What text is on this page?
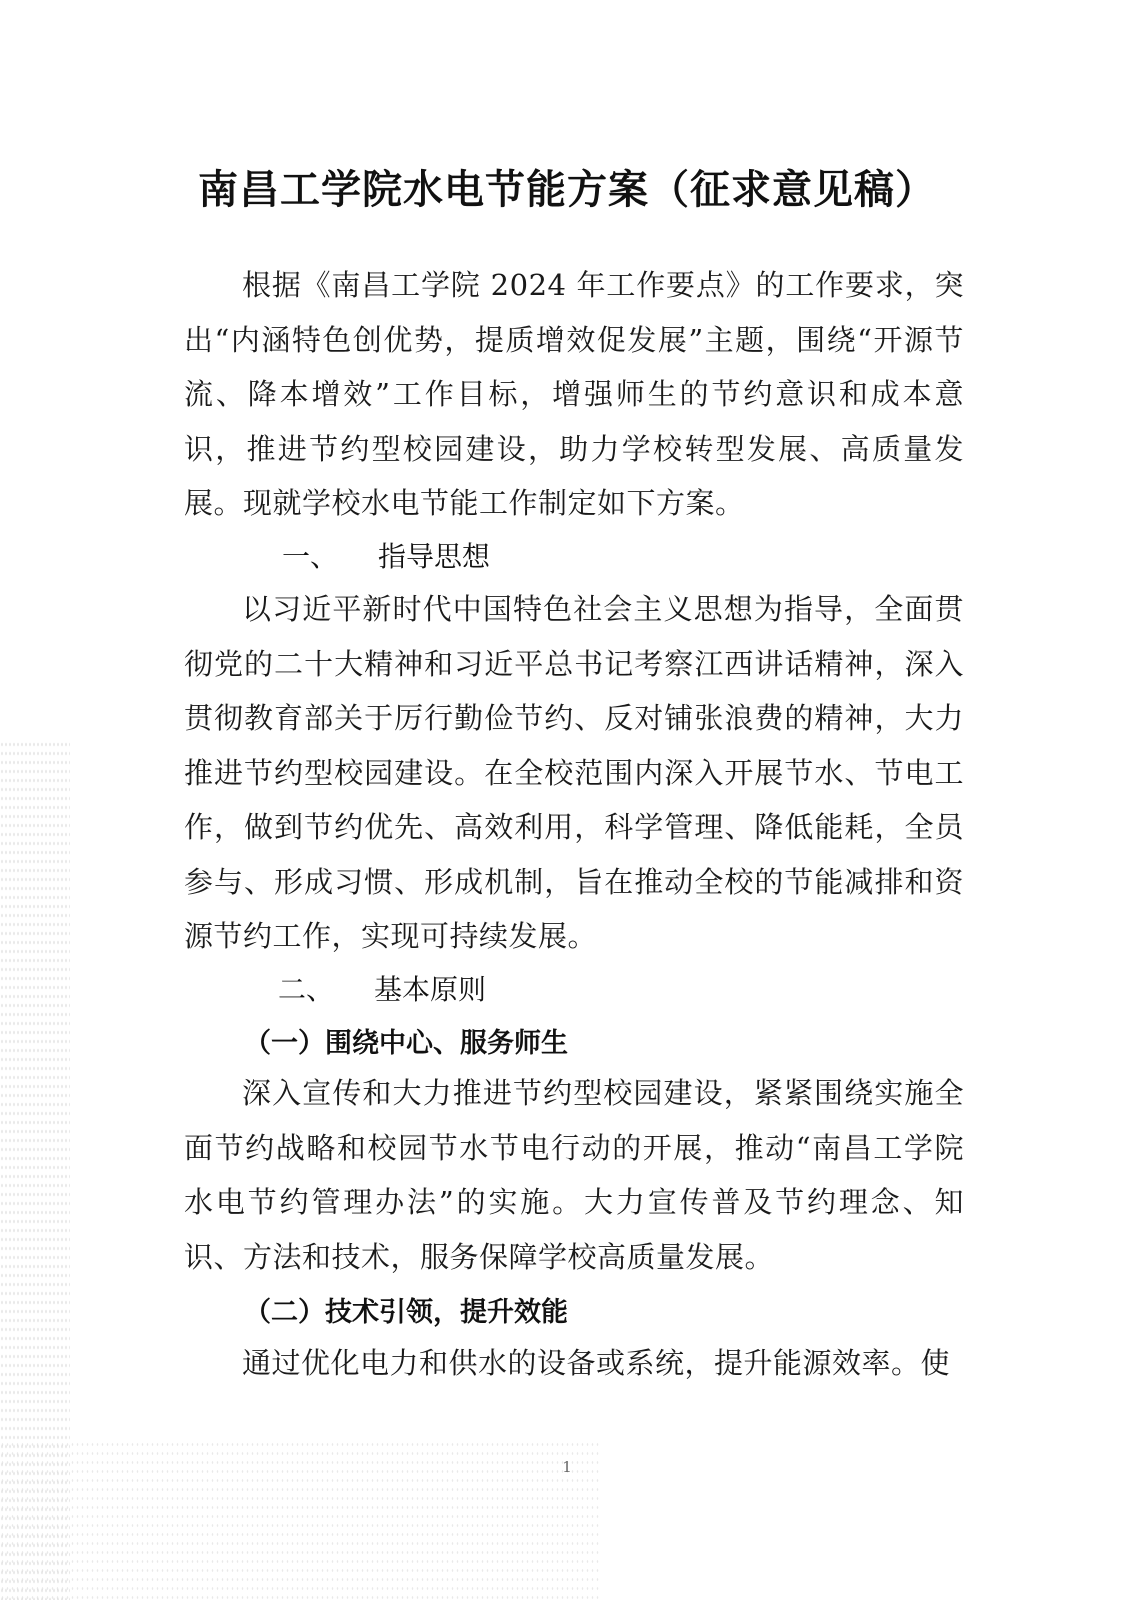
南昌工学院水电节能方案（征求意见稿）

根据《南昌工学院 2024 年工作要点》的工作要求，突出“内涵特色创优势，提质增效促发展”主题，围绕“开源节流、降本增效”工作目标，增强师生的节约意识和成本意识，推进节约型校园建设，助力学校转型发展、高质量发展。现就学校水电节能工作制定如下方案。

一、 指导思想

以习近平新时代中国特色社会主义思想为指导，全面贯彻党的二十大精神和习近平总书记考察江西讲话精神，深入贯彻教育部关于厉行勤俭节约、反对铺张浪费的精神，大力推进节约型校园建设。在全校范围内深入开展节水、节电工作，做到节约优先、高效利用，科学管理、降低能耗，全员参与、形成习惯、形成机制，旨在推动全校的节能减排和资源节约工作，实现可持续发展。

二、 基本原则
（一）围绕中心、服务师生

深入宣传和大力推进节约型校园建设，紧紧围绕实施全面节约战略和校园节水节电行动的开展，推动“南昌工学院水电节约管理办法”的实施。大力宣传普及节约理念、知识、方法和技术，服务保障学校高质量发展。

（二）技术引领，提升效能

通过优化电力和供水的设备或系统，提升能源效率。使

1
